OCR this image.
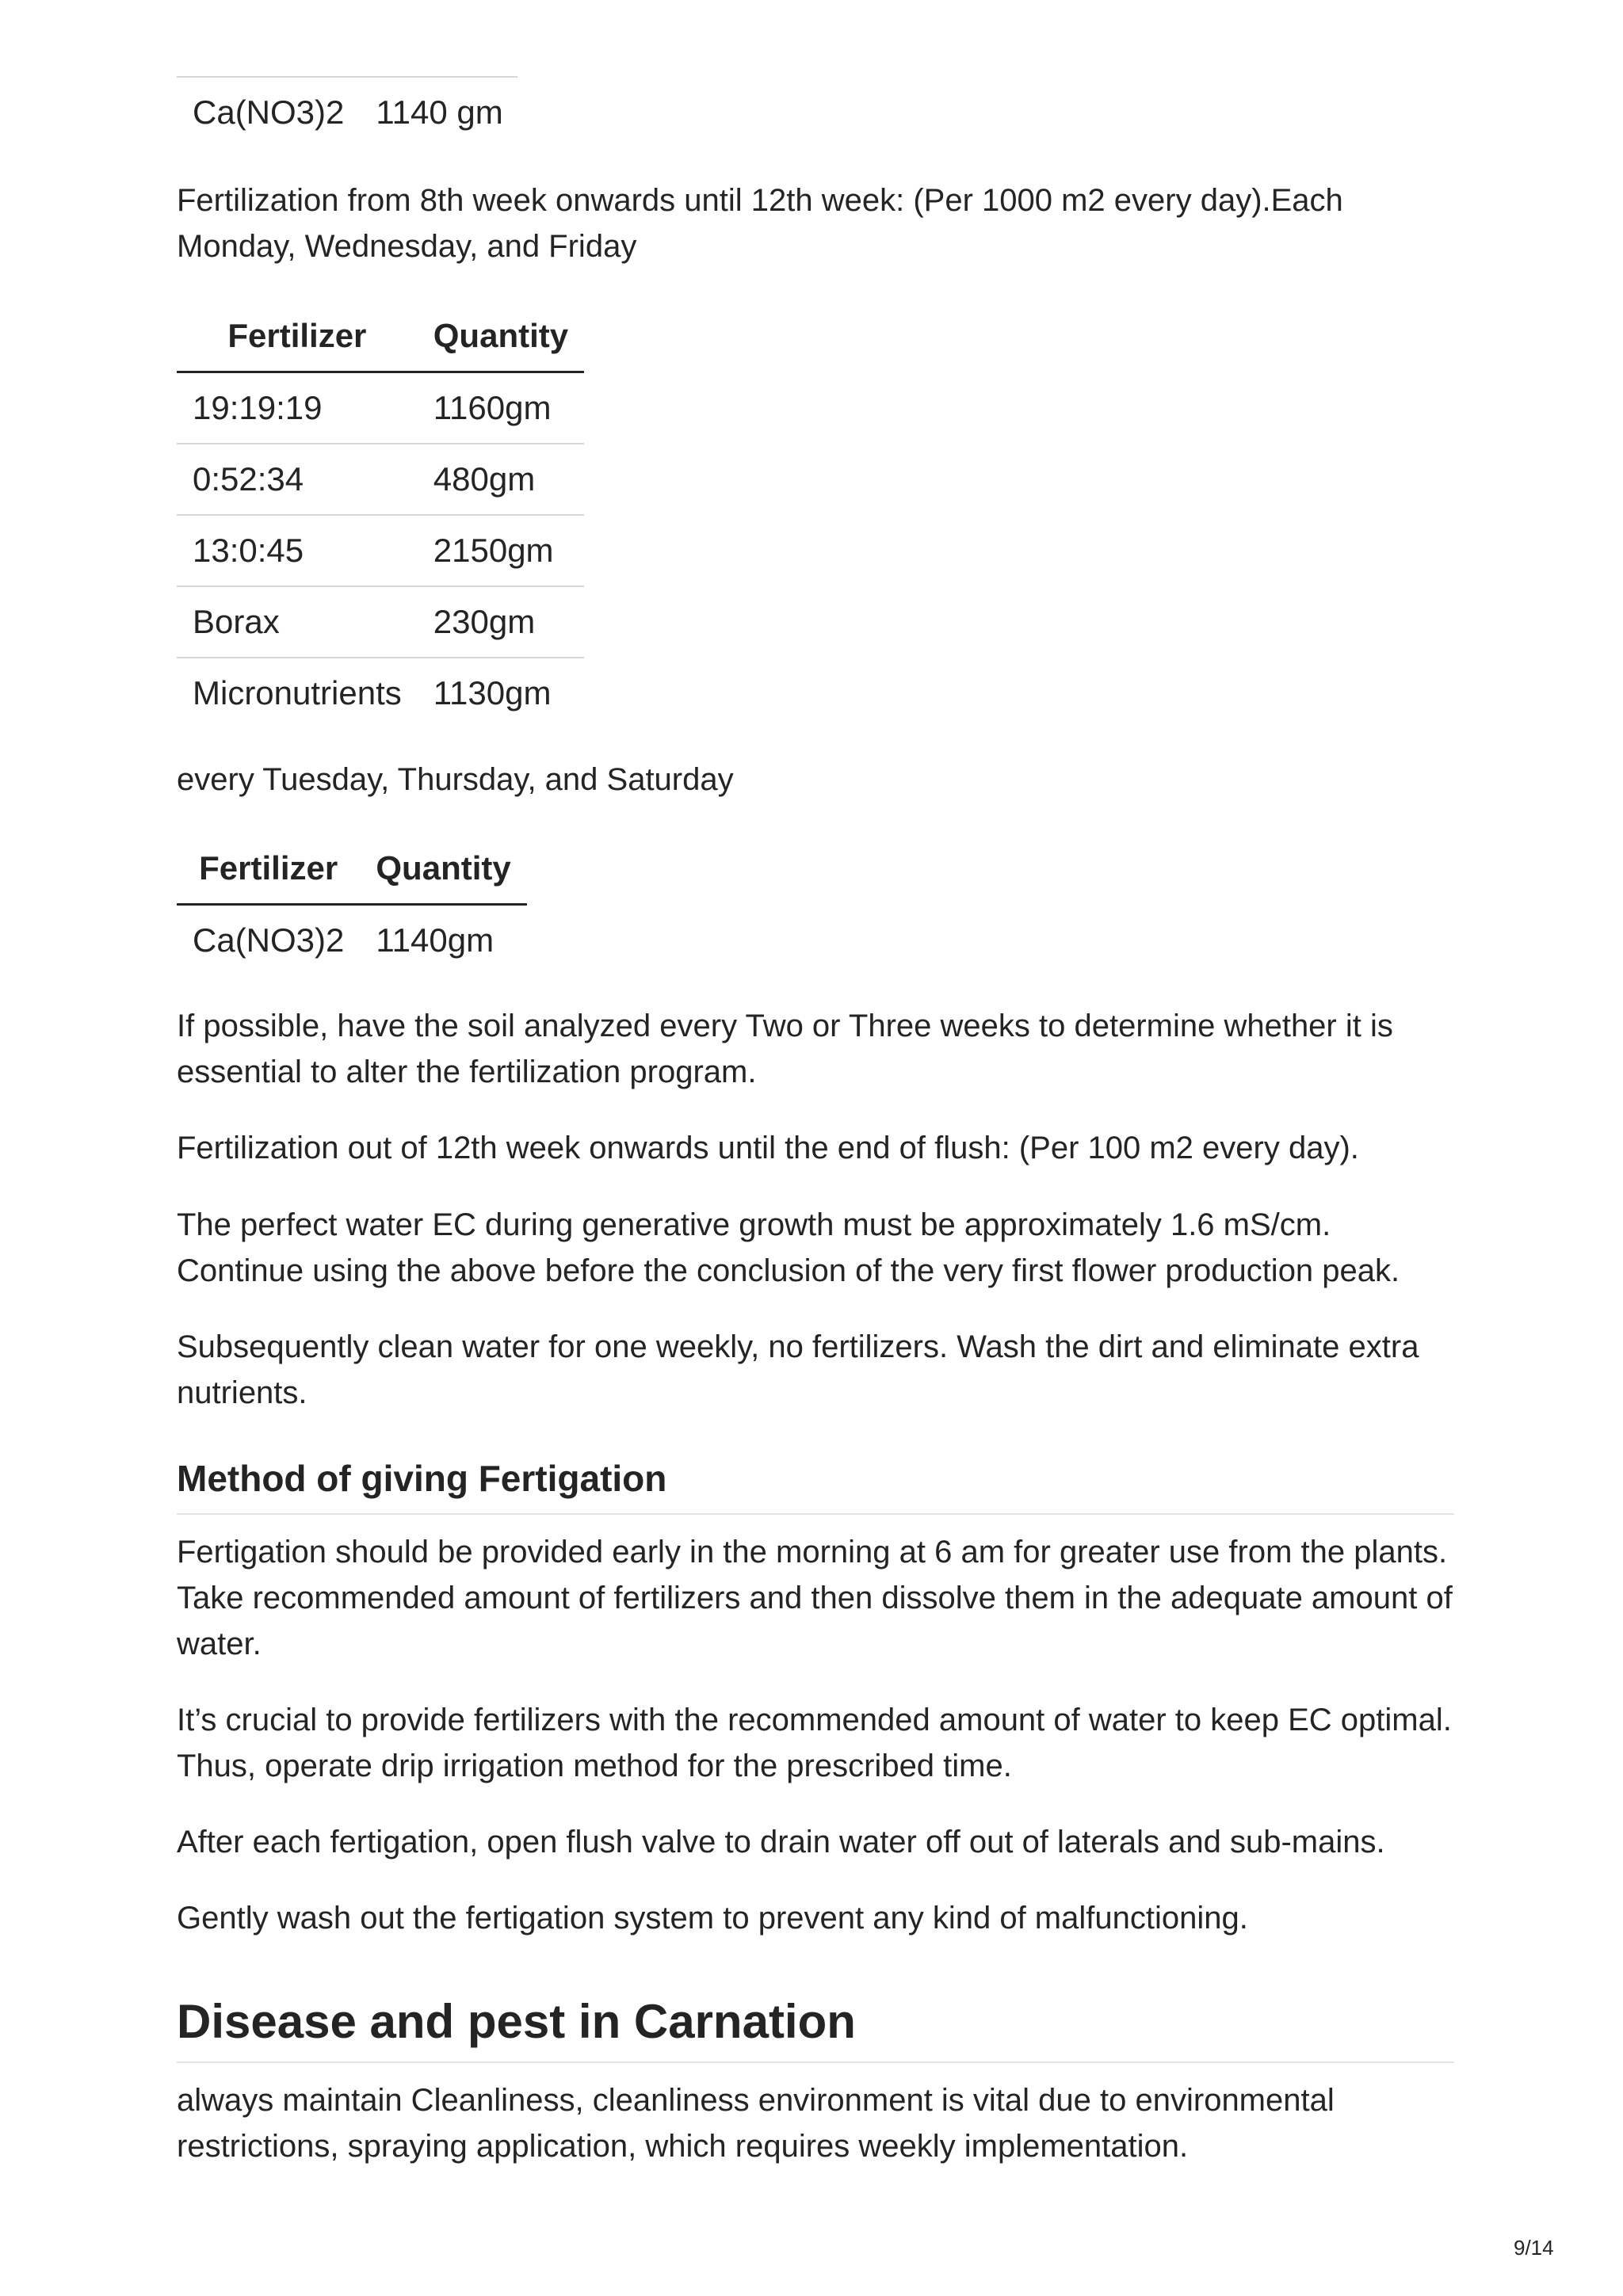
Ca(NO3)2	1140 gm

Fertilization from 8th week onwards until 12th week: (Per 1000 m2 every day).Each Monday, Wednesday, and Friday

Fertilizer	Quantity
19:19:19	1160gm
0:52:34	480gm
13:0:45	2150gm
Borax	230gm
Micronutrients	1130gm

every Tuesday, Thursday, and Saturday

Fertilizer	Quantity
Ca(NO3)2	1140gm

If possible, have the soil analyzed every Two or Three weeks to determine whether it is essential to alter the fertilization program.

Fertilization out of 12th week onwards until the end of flush: (Per 100 m2 every day).

The perfect water EC during generative growth must be approximately 1.6 mS/cm. Continue using the above before the conclusion of the very first flower production peak.

Subsequently clean water for one weekly, no fertilizers. Wash the dirt and eliminate extra nutrients.

Method of giving Fertigation

Fertigation should be provided early in the morning at 6 am for greater use from the plants. Take recommended amount of fertilizers and then dissolve them in the adequate amount of water.

It’s crucial to provide fertilizers with the recommended amount of water to keep EC optimal. Thus, operate drip irrigation method for the prescribed time.

After each fertigation, open flush valve to drain water off out of laterals and sub-mains.

Gently wash out the fertigation system to prevent any kind of malfunctioning.

Disease and pest in Carnation

always maintain Cleanliness, cleanliness environment is vital due to environmental restrictions, spraying application, which requires weekly implementation.

9/14
